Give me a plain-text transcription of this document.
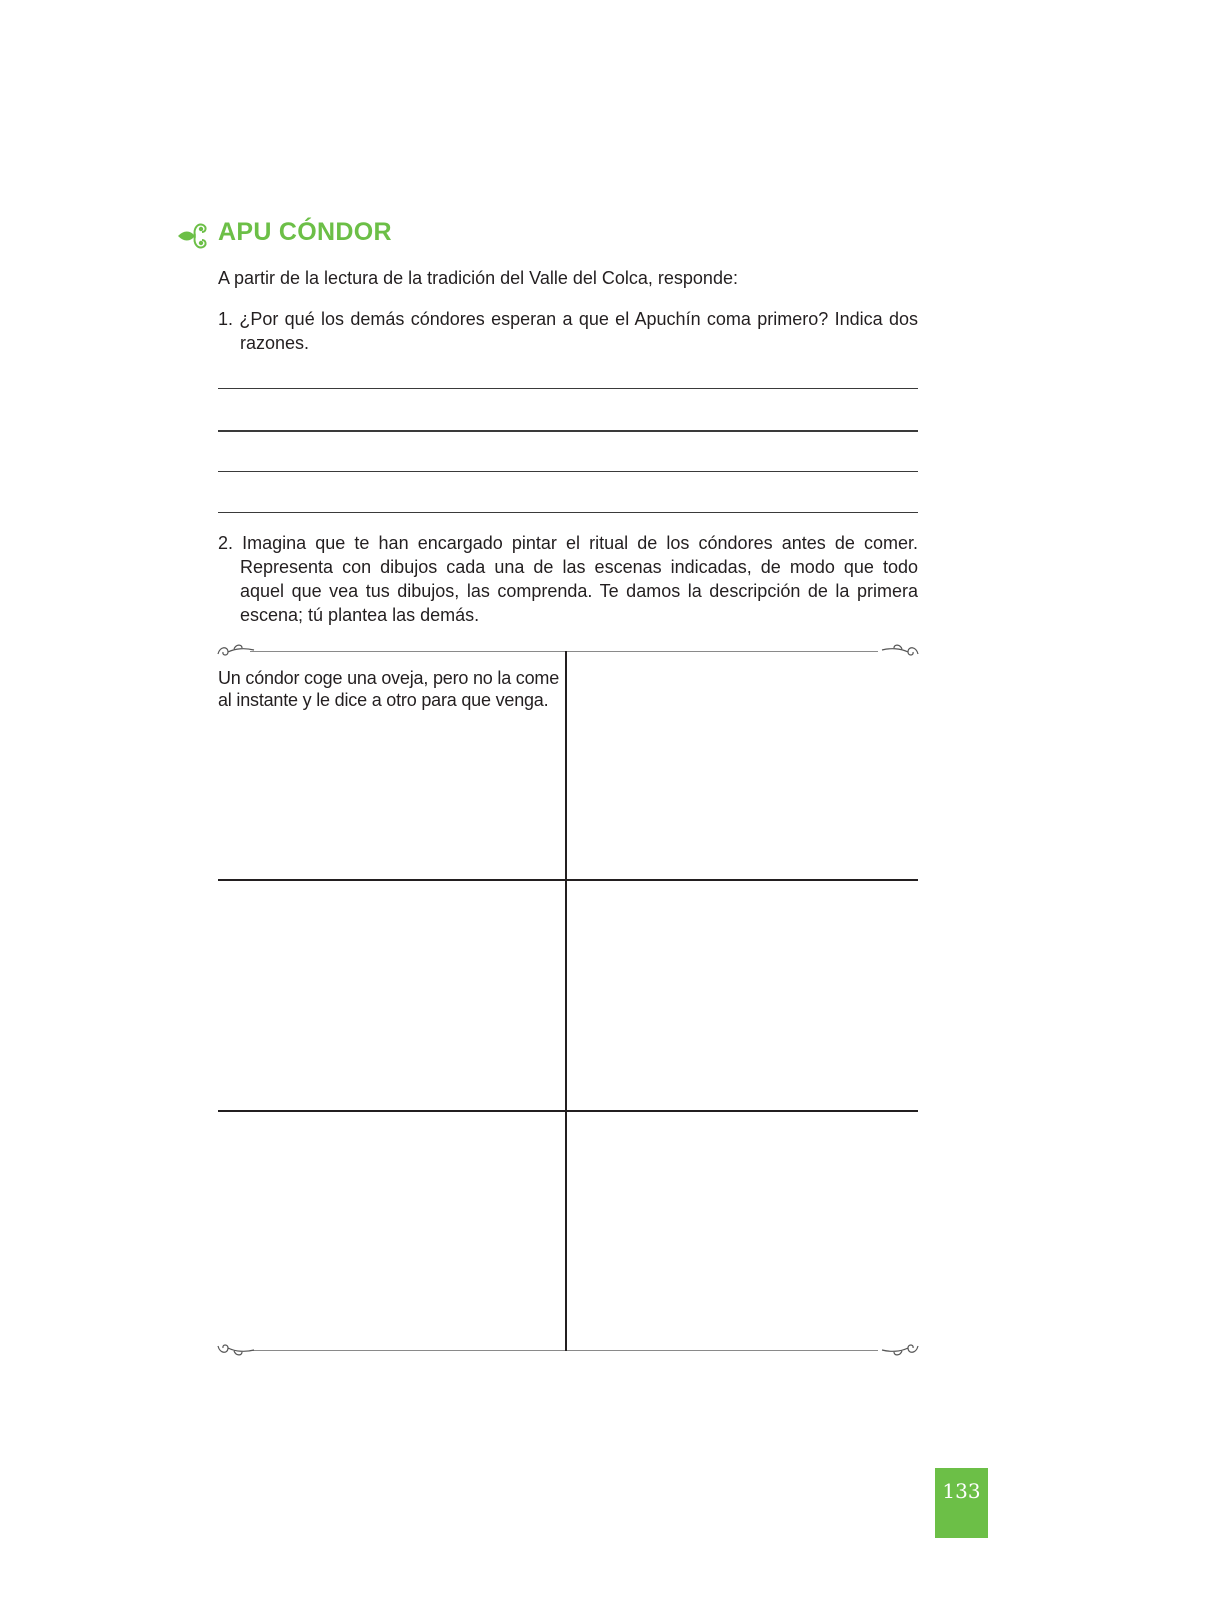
APU CÓNDOR

A partir de la lectura de la tradición del Valle del Colca, responde:

1. ¿Por qué los demás cóndores esperan a que el Apuchín coma primero? Indica dos razones.

2. Imagina que te han encargado pintar el ritual de los cóndores antes de comer. Representa con dibujos cada una de las escenas indicadas, de modo que todo aquel que vea tus dibujos, las comprenda. Te damos la descripción de la primera escena; tú plantea las demás.

Un cóndor coge una oveja, pero no la come al instante y le dice a otro para que venga.

133
